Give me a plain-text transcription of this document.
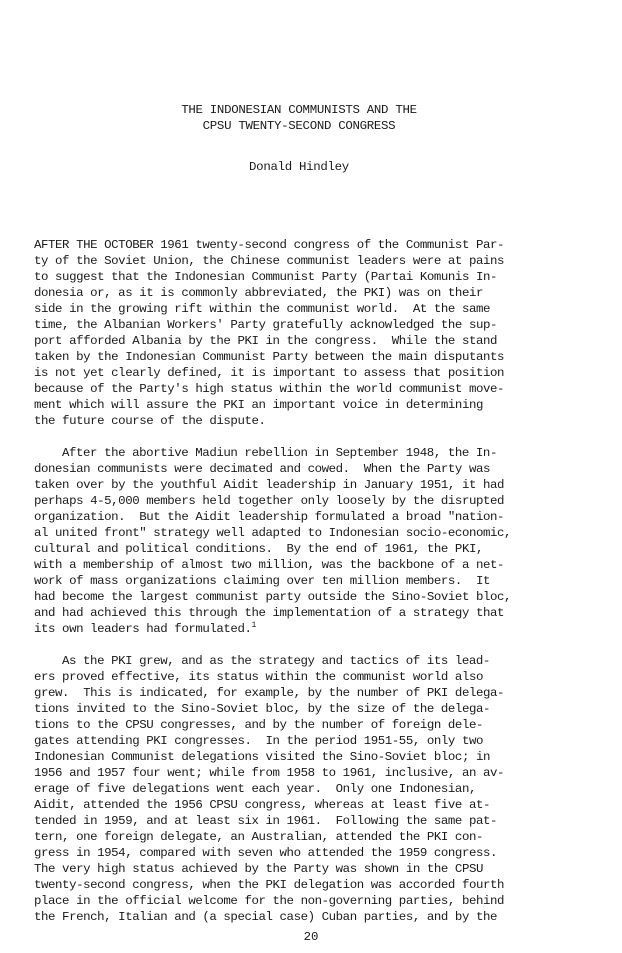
THE INDONESIAN COMMUNISTS AND THE
CPSU TWENTY-SECOND CONGRESS
Donald Hindley

AFTER THE OCTOBER 1961 twenty-second congress of the Communist Par-

ty of the Soviet Union, the Chinese communist leaders were at pains

to suggest that the Indonesian Communist Party (Partai Komunis In-

donesia or, as it is commonly abbreviated, the PKI) was on their

side in the growing rift within the communist world.  At the same

time, the Albanian Workers' Party gratefully acknowledged the sup-

port afforded Albania by the PKI in the congress.  While the stand

taken by the Indonesian Communist Party between the main disputants

is not yet clearly defined, it is important to assess that position

because of the Party's high status within the world communist move-

ment which will assure the PKI an important voice in determining

the future course of the dispute.

After the abortive Madiun rebellion in September 1948, the In-

donesian communists were decimated and cowed.  When the Party was

taken over by the youthful Aidit leadership in January 1951, it had

perhaps 4-5,000 members held together only loosely by the disrupted

organization.  But the Aidit leadership formulated a broad "nation-

al united front" strategy well adapted to Indonesian socio-economic,

cultural and political conditions.  By the end of 1961, the PKI,

with a membership of almost two million, was the backbone of a net-

work of mass organizations claiming over ten million members.  It

had become the largest communist party outside the Sino-Soviet bloc,

and had achieved this through the implementation of a strategy that

its own leaders had formulated.$^1$

As the PKI grew, and as the strategy and tactics of its lead-

ers proved effective, its status within the communist world also

grew.  This is indicated, for example, by the number of PKI delega-

tions invited to the Sino-Soviet bloc, by the size of the delega-

tions to the CPSU congresses, and by the number of foreign dele-

gates attending PKI congresses.  In the period 1951-55, only two

Indonesian Communist delegations visited the Sino-Soviet bloc; in

1956 and 1957 four went; while from 1958 to 1961, inclusive, an av-

erage of five delegations went each year.  Only one Indonesian,

Aidit, attended the 1956 CPSU congress, whereas at least five at-

tended in 1959, and at least six in 1961.  Following the same pat-

tern, one foreign delegate, an Australian, attended the PKI con-

gress in 1954, compared with seven who attended the 1959 congress.

The very high status achieved by the Party was shown in the CPSU

twenty-second congress, when the PKI delegation was accorded fourth

place in the official welcome for the non-governing parties, behind

the French, Italian and (a special case) Cuban parties, and by the

20
